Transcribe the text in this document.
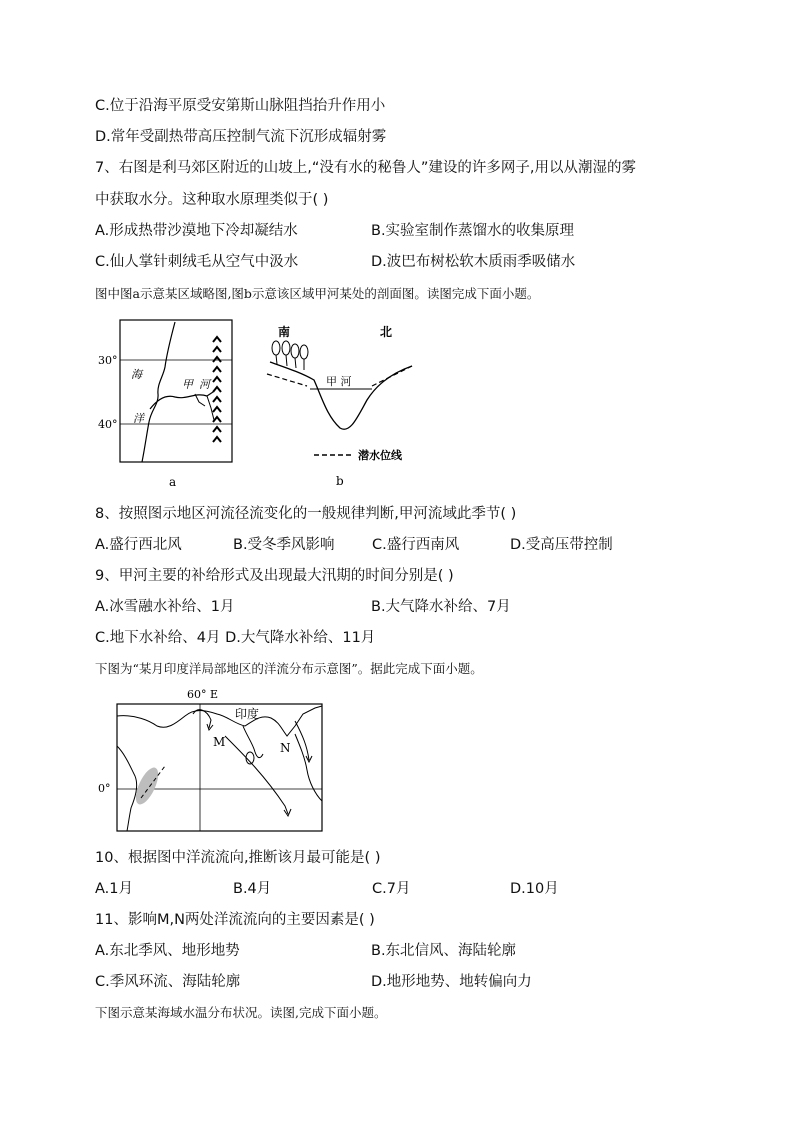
C.位于沿海平原受安第斯山脉阻挡抬升作用小
D.常年受副热带高压控制气流下沉形成辐射雾
7、右图是利马郊区附近的山坡上,“没有水的秘鲁人”建设的许多网子,用以从潮湿的雾
中获取水分。这种取水原理类似于( )
A.形成热带沙漠地下冷却凝结水	B.实验室制作蒸馏水的收集原理
C.仙人掌针刺绒毛从空气中汲水	D.波巴布树松软木质雨季吸储水
图中图a示意某区域略图,图b示意该区域甲河某处的剖面图。读图完成下面小题。
30°
40°
海
洋
甲 河
a
南	北
甲 河
潜水位线
b
8、按照图示地区河流径流变化的一般规律判断,甲河流域此季节( )
A.盛行西北风	B.受冬季风影响	C.盛行西南风	D.受高压带控制
9、甲河主要的补给形式及出现最大汛期的时间分别是( )
A.冰雪融水补给、1月	B.大气降水补给、7月
C.地下水补给、4月 D.大气降水补给、11月
下图为“某月印度洋局部地区的洋流分布示意图”。据此完成下面小题。
60° E
0°
印度
M	N
10、根据图中洋流流向,推断该月最可能是( )
A.1月	B.4月	C.7月	D.10月
11、影响M,N两处洋流流向的主要因素是( )
A.东北季风、地形地势	B.东北信风、海陆轮廓
C.季风环流、海陆轮廓	D.地形地势、地转偏向力
下图示意某海域水温分布状况。读图,完成下面小题。
